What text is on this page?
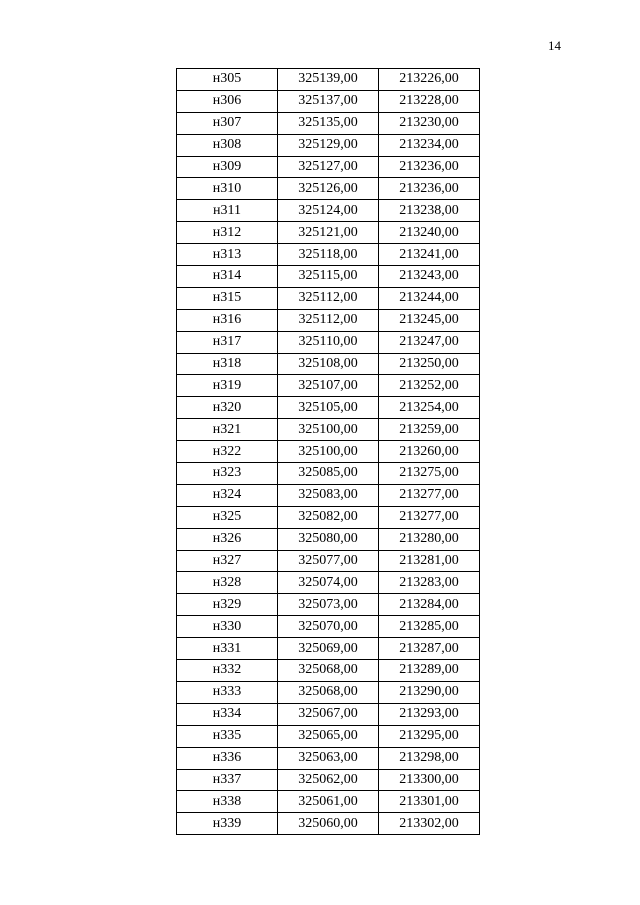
14
н305	325139,00	213226,00
н306	325137,00	213228,00
н307	325135,00	213230,00
н308	325129,00	213234,00
н309	325127,00	213236,00
н310	325126,00	213236,00
н311	325124,00	213238,00
н312	325121,00	213240,00
н313	325118,00	213241,00
н314	325115,00	213243,00
н315	325112,00	213244,00
н316	325112,00	213245,00
н317	325110,00	213247,00
н318	325108,00	213250,00
н319	325107,00	213252,00
н320	325105,00	213254,00
н321	325100,00	213259,00
н322	325100,00	213260,00
н323	325085,00	213275,00
н324	325083,00	213277,00
н325	325082,00	213277,00
н326	325080,00	213280,00
н327	325077,00	213281,00
н328	325074,00	213283,00
н329	325073,00	213284,00
н330	325070,00	213285,00
н331	325069,00	213287,00
н332	325068,00	213289,00
н333	325068,00	213290,00
н334	325067,00	213293,00
н335	325065,00	213295,00
н336	325063,00	213298,00
н337	325062,00	213300,00
н338	325061,00	213301,00
н339	325060,00	213302,00
